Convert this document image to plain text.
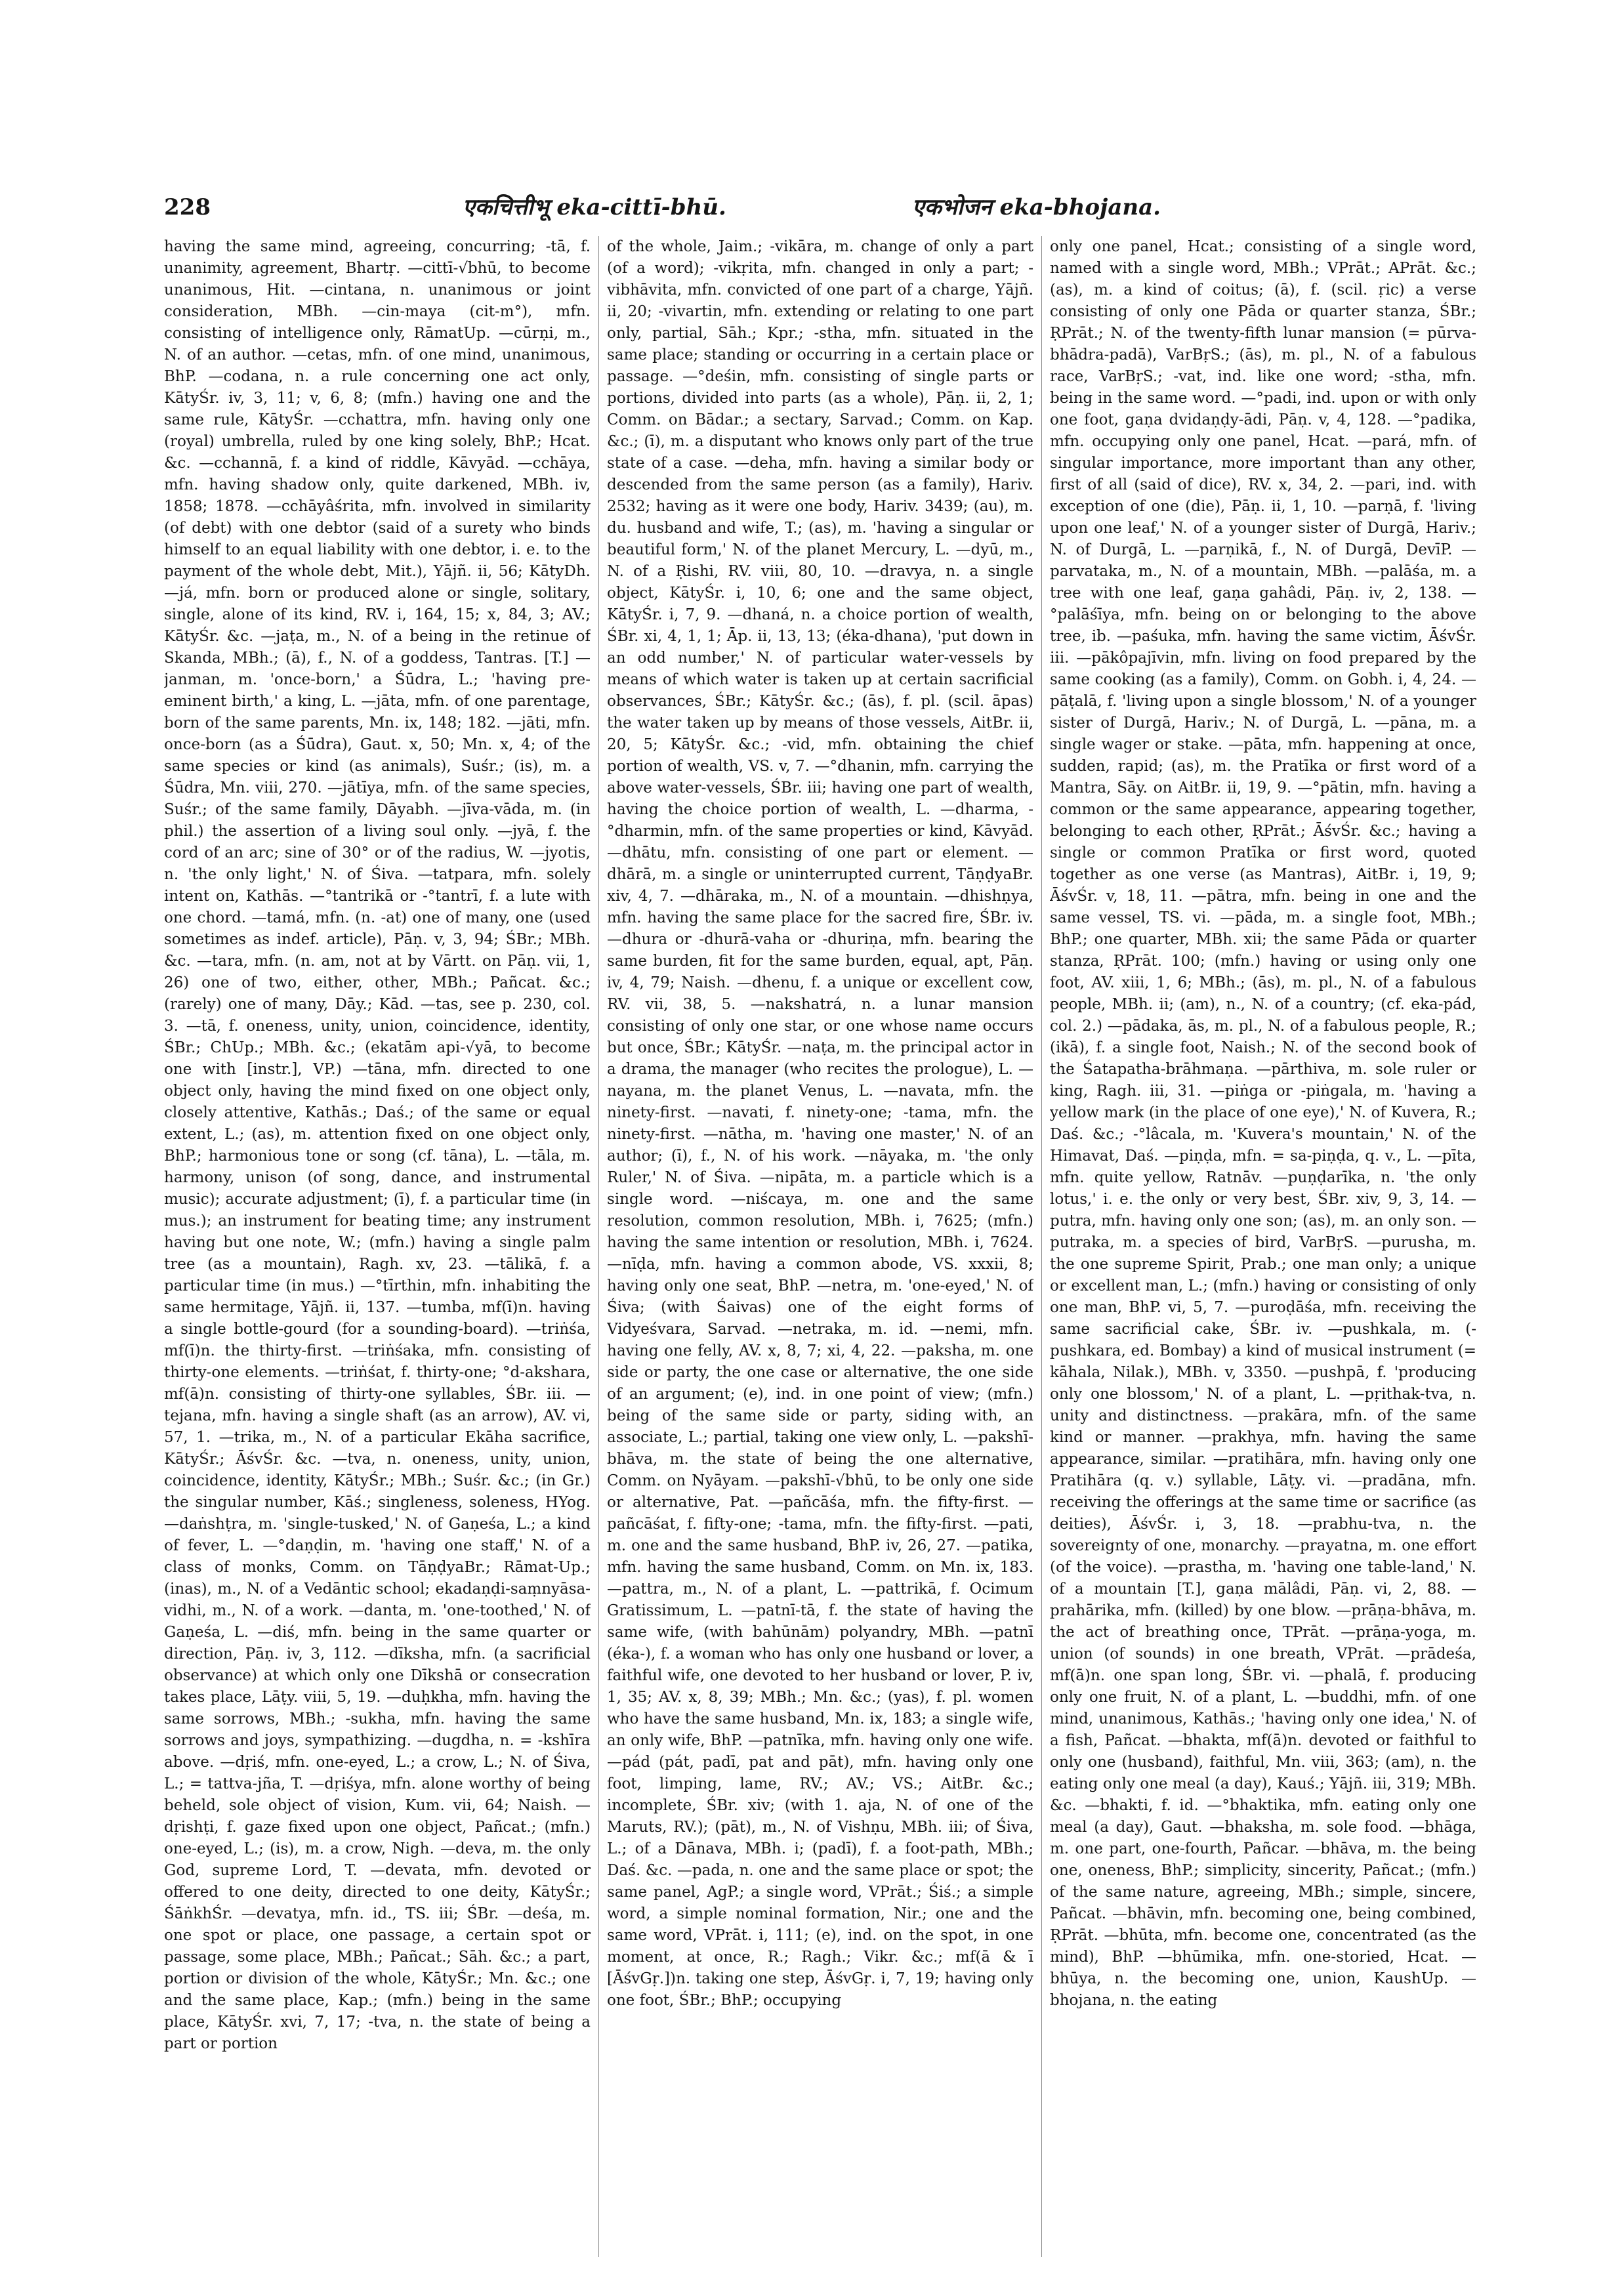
228	एकचित्तीभू eka-cittī-bhū.	एकभोजन eka-bhojana.

having the same mind, agreeing, concurring; -tā, f. unanimity, agreement, Bhartṛ. —cittī-√bhū, to become unanimous, Hit. —cintana, n. unanimous or joint consideration, MBh. —cin-maya (cit-m°), mfn. consisting of intelligence only, RāmatUp. —cūrṇi, m., N. of an author. —cetas, mfn. of one mind, unanimous, BhP. —codana, n. a rule concerning one act only, KātyŚr. iv, 3, 11; v, 6, 8; (mfn.) having one and the same rule, KātyŚr. —cchattra, mfn. having only one (royal) umbrella, ruled by one king solely, BhP.; Hcat. &c. —cchannā, f. a kind of riddle, Kāvyād. —cchāya, mfn. having shadow only, quite darkened, MBh. iv, 1858; 1878. —cchāyâśrita, mfn. involved in similarity (of debt) with one debtor (said of a surety who binds himself to an equal liability with one debtor, i. e. to the payment of the whole debt, Mit.), Yājñ. ii, 56; KātyDh. —já, mfn. born or produced alone or single, solitary, single, alone of its kind, RV. i, 164, 15; x, 84, 3; AV.; KātyŚr. &c. —jaṭa, m., N. of a being in the retinue of Skanda, MBh.; (ā), f., N. of a goddess, Tantras. [T.] —janman, m. 'once-born,' a Śūdra, L.; 'having pre-eminent birth,' a king, L. —jāta, mfn. of one parentage, born of the same parents, Mn. ix, 148; 182. —jāti, mfn. once-born (as a Śūdra), Gaut. x, 50; Mn. x, 4; of the same species or kind (as animals), Suśr.; (is), m. a Śūdra, Mn. viii, 270. —jātīya, mfn. of the same species, Suśr.; of the same family, Dāyabh. —jīva-vāda, m. (in phil.) the assertion of a living soul only. —jyā, f. the cord of an arc; sine of 30° or of the radius, W. —jyotis, n. 'the only light,' N. of Śiva. —tatpara, mfn. solely intent on, Kathās. —°tantrikā or -°tantrī, f. a lute with one chord. —tamá, mfn. (n. -at) one of many, one (used sometimes as indef. article), Pāṇ. v, 3, 94; ŚBr.; MBh. &c. —tara, mfn. (n. am, not at by Vārtt. on Pāṇ. vii, 1, 26) one of two, either, other, MBh.; Pañcat. &c.; (rarely) one of many, Dāy.; Kād. —tas, see p. 230, col. 3. —tā, f. oneness, unity, union, coincidence, identity, ŚBr.; ChUp.; MBh. &c.; (ekatām api-√yā, to become one with [instr.], VP.) —tāna, mfn. directed to one object only, having the mind fixed on one object only, closely attentive, Kathās.; Daś.; of the same or equal extent, L.; (as), m. attention fixed on one object only, BhP.; harmonious tone or song (cf. tāna), L. —tāla, m. harmony, unison (of song, dance, and instrumental music); accurate adjustment; (ī), f. a particular time (in mus.); an instrument for beating time; any instrument having but one note, W.; (mfn.) having a single palm tree (as a mountain), Ragh. xv, 23. —tālikā, f. a particular time (in mus.) —°tīrthin, mfn. inhabiting the same hermitage, Yājñ. ii, 137. —tumba, mf(ī)n. having a single bottle-gourd (for a sounding-board). —triṅśa, mf(ī)n. the thirty-first. —triṅśaka, mfn. consisting of thirty-one elements. —triṅśat, f. thirty-one; °d-akshara, mf(ā)n. consisting of thirty-one syllables, ŚBr. iii. —tejana, mfn. having a single shaft (as an arrow), AV. vi, 57, 1. —trika, m., N. of a particular Ekāha sacrifice, KātyŚr.; ĀśvŚr. &c. —tva, n. oneness, unity, union, coincidence, identity, KātyŚr.; MBh.; Suśr. &c.; (in Gr.) the singular number, Kāś.; singleness, soleness, HYog. —daṅshṭra, m. 'single-tusked,' N. of Gaṇeśa, L.; a kind of fever, L. —°daṇḍin, m. 'having one staff,' N. of a class of monks, Comm. on TāṇḍyaBr.; Rāmat-Up.; (inas), m., N. of a Vedāntic school; ekadaṇḍi-saṃnyāsa-vidhi, m., N. of a work. —danta, m. 'one-toothed,' N. of Gaṇeśa, L. —diś, mfn. being in the same quarter or direction, Pāṇ. iv, 3, 112. —dīksha, mfn. (a sacrificial observance) at which only one Dīkshā or consecration takes place, Lāṭy. viii, 5, 19. —duḥkha, mfn. having the same sorrows, MBh.; -sukha, mfn. having the same sorrows and joys, sympathizing. —dugdha, n. = -kshīra above. —dṛiś, mfn. one-eyed, L.; a crow, L.; N. of Śiva, L.; = tattva-jña, T. —dṛiśya, mfn. alone worthy of being beheld, sole object of vision, Kum. vii, 64; Naish. —dṛishṭi, f. gaze fixed upon one object, Pañcat.; (mfn.) one-eyed, L.; (is), m. a crow, Nigh. —deva, m. the only God, supreme Lord, T. —devata, mfn. devoted or offered to one deity, directed to one deity, KātyŚr.; ŚāṅkhŚr. —devatya, mfn. id., TS. iii; ŚBr. —deśa, m. one spot or place, one passage, a certain spot or passage, some place, MBh.; Pañcat.; Sāh. &c.; a part, portion or division of the whole, KātyŚr.; Mn. &c.; one and the same place, Kap.; (mfn.) being in the same place, KātyŚr. xvi, 7, 17; -tva, n. the state of being a part or portion

of the whole, Jaim.; -vikāra, m. change of only a part (of a word); -vikṛita, mfn. changed in only a part; -vibhāvita, mfn. convicted of one part of a charge, Yājñ. ii, 20; -vivartin, mfn. extending or relating to one part only, partial, Sāh.; Kpr.; -stha, mfn. situated in the same place; standing or occurring in a certain place or passage. —°deśin, mfn. consisting of single parts or portions, divided into parts (as a whole), Pāṇ. ii, 2, 1; Comm. on Bādar.; a sectary, Sarvad.; Comm. on Kap. &c.; (ī), m. a disputant who knows only part of the true state of a case. —deha, mfn. having a similar body or descended from the same person (as a family), Hariv. 2532; having as it were one body, Hariv. 3439; (au), m. du. husband and wife, T.; (as), m. 'having a singular or beautiful form,' N. of the planet Mercury, L. —dyū, m., N. of a Ṛishi, RV. viii, 80, 10. —dravya, n. a single object, KātyŚr. i, 10, 6; one and the same object, KātyŚr. i, 7, 9. —dhaná, n. a choice portion of wealth, ŚBr. xi, 4, 1, 1; Āp. ii, 13, 13; (éka-dhana), 'put down in an odd number,' N. of particular water-vessels by means of which water is taken up at certain sacrificial observances, ŚBr.; KātyŚr. &c.; (ās), f. pl. (scil. āpas) the water taken up by means of those vessels, AitBr. ii, 20, 5; KātyŚr. &c.; -vid, mfn. obtaining the chief portion of wealth, VS. v, 7. —°dhanin, mfn. carrying the above water-vessels, ŚBr. iii; having one part of wealth, having the choice portion of wealth, L. —dharma, -°dharmin, mfn. of the same properties or kind, Kāvyād. —dhātu, mfn. consisting of one part or element. —dhārā, m. a single or uninterrupted current, TāṇḍyaBr. xiv, 4, 7. —dhāraka, m., N. of a mountain. —dhishṇya, mfn. having the same place for the sacred fire, ŚBr. iv. —dhura or -dhurā-vaha or -dhuriṇa, mfn. bearing the same burden, fit for the same burden, equal, apt, Pāṇ. iv, 4, 79; Naish. —dhenu, f. a unique or excellent cow, RV. vii, 38, 5. —nakshatrá, n. a lunar mansion consisting of only one star, or one whose name occurs but once, ŚBr.; KātyŚr. —naṭa, m. the principal actor in a drama, the manager (who recites the prologue), L. —nayana, m. the planet Venus, L. —navata, mfn. the ninety-first. —navati, f. ninety-one; -tama, mfn. the ninety-first. —nātha, m. 'having one master,' N. of an author; (ī), f., N. of his work. —nāyaka, m. 'the only Ruler,' N. of Śiva. —nipāta, m. a particle which is a single word. —niścaya, m. one and the same resolution, common resolution, MBh. i, 7625; (mfn.) having the same intention or resolution, MBh. i, 7624. —nīḍa, mfn. having a common abode, VS. xxxii, 8; having only one seat, BhP. —netra, m. 'one-eyed,' N. of Śiva; (with Śaivas) one of the eight forms of Vidyeśvara, Sarvad. —netraka, m. id. —nemi, mfn. having one felly, AV. x, 8, 7; xi, 4, 22. —paksha, m. one side or party, the one case or alternative, the one side of an argument; (e), ind. in one point of view; (mfn.) being of the same side or party, siding with, an associate, L.; partial, taking one view only, L. —pakshī-bhāva, m. the state of being the one alternative, Comm. on Nyāyam. —pakshī-√bhū, to be only one side or alternative, Pat. —pañcāśa, mfn. the fifty-first. —pañcāśat, f. fifty-one; -tama, mfn. the fifty-first. —pati, m. one and the same husband, BhP. iv, 26, 27. —patika, mfn. having the same husband, Comm. on Mn. ix, 183. —pattra, m., N. of a plant, L. —pattrikā, f. Ocimum Gratissimum, L. —patnī-tā, f. the state of having the same wife, (with bahūnām) polyandry, MBh. —patnī (éka-), f. a woman who has only one husband or lover, a faithful wife, one devoted to her husband or lover, P. iv, 1, 35; AV. x, 8, 39; MBh.; Mn. &c.; (yas), f. pl. women who have the same husband, Mn. ix, 183; a single wife, an only wife, BhP. —patnīka, mfn. having only one wife. —pád (pát, padī, pat and pāt), mfn. having only one foot, limping, lame, RV.; AV.; VS.; AitBr. &c.; incomplete, ŚBr. xiv; (with 1. aja, N. of one of the Maruts, RV.); (pāt), m., N. of Vishṇu, MBh. iii; of Śiva, L.; of a Dānava, MBh. i; (padī), f. a foot-path, MBh.; Daś. &c. —pada, n. one and the same place or spot; the same panel, AgP.; a single word, VPrāt.; Śiś.; a simple word, a simple nominal formation, Nir.; one and the same word, VPrāt. i, 111; (e), ind. on the spot, in one moment, at once, R.; Ragh.; Vikr. &c.; mf(ā & ī [ĀśvGṛ.])n. taking one step, ĀśvGṛ. i, 7, 19; having only one foot, ŚBr.; BhP.; occupying

only one panel, Hcat.; consisting of a single word, named with a single word, MBh.; VPrāt.; APrāt. &c.; (as), m. a kind of coitus; (ā), f. (scil. ṛic) a verse consisting of only one Pāda or quarter stanza, ŚBr.; ṚPrāt.; N. of the twenty-fifth lunar mansion (= pūrva-bhādra-padā), VarBṛS.; (ās), m. pl., N. of a fabulous race, VarBṛS.; -vat, ind. like one word; -stha, mfn. being in the same word. —°padi, ind. upon or with only one foot, gaṇa dvidaṇḍy-ādi, Pāṇ. v, 4, 128. —°padika, mfn. occupying only one panel, Hcat. —pará, mfn. of singular importance, more important than any other, first of all (said of dice), RV. x, 34, 2. —pari, ind. with exception of one (die), Pāṇ. ii, 1, 10. —parṇā, f. 'living upon one leaf,' N. of a younger sister of Durgā, Hariv.; N. of Durgā, L. —parṇikā, f., N. of Durgā, DevīP. —parvataka, m., N. of a mountain, MBh. —palāśa, m. a tree with one leaf, gaṇa gahâdi, Pāṇ. iv, 2, 138. —°palāśīya, mfn. being on or belonging to the above tree, ib. —paśuka, mfn. having the same victim, ĀśvŚr. iii. —pākôpajīvin, mfn. living on food prepared by the same cooking (as a family), Comm. on Gobh. i, 4, 24. —pāṭalā, f. 'living upon a single blossom,' N. of a younger sister of Durgā, Hariv.; N. of Durgā, L. —pāna, m. a single wager or stake. —pāta, mfn. happening at once, sudden, rapid; (as), m. the Pratīka or first word of a Mantra, Sāy. on AitBr. ii, 19, 9. —°pātin, mfn. having a common or the same appearance, appearing together, belonging to each other, ṚPrāt.; ĀśvŚr. &c.; having a single or common Pratīka or first word, quoted together as one verse (as Mantras), AitBr. i, 19, 9; ĀśvŚr. v, 18, 11. —pātra, mfn. being in one and the same vessel, TS. vi. —pāda, m. a single foot, MBh.; BhP.; one quarter, MBh. xii; the same Pāda or quarter stanza, ṚPrāt. 100; (mfn.) having or using only one foot, AV. xiii, 1, 6; MBh.; (ās), m. pl., N. of a fabulous people, MBh. ii; (am), n., N. of a country; (cf. eka-pád, col. 2.) —pādaka, ās, m. pl., N. of a fabulous people, R.; (ikā), f. a single foot, Naish.; N. of the second book of the Śatapatha-brāhmaṇa. —pārthiva, m. sole ruler or king, Ragh. iii, 31. —piṅga or -piṅgala, m. 'having a yellow mark (in the place of one eye),' N. of Kuvera, R.; Daś. &c.; -°lâcala, m. 'Kuvera's mountain,' N. of the Himavat, Daś. —piṇḍa, mfn. = sa-piṇḍa, q. v., L. —pīta, mfn. quite yellow, Ratnāv. —puṇḍarīka, n. 'the only lotus,' i. e. the only or very best, ŚBr. xiv, 9, 3, 14. —putra, mfn. having only one son; (as), m. an only son. —putraka, m. a species of bird, VarBṛS. —purusha, m. the one supreme Spirit, Prab.; one man only; a unique or excellent man, L.; (mfn.) having or consisting of only one man, BhP. vi, 5, 7. —puroḍāśa, mfn. receiving the same sacrificial cake, ŚBr. iv. —pushkala, m. (-pushkara, ed. Bombay) a kind of musical instrument (= kāhala, Nilak.), MBh. v, 3350. —pushpā, f. 'producing only one blossom,' N. of a plant, L. —pṛithak-tva, n. unity and distinctness. —prakāra, mfn. of the same kind or manner. —prakhya, mfn. having the same appearance, similar. —pratihāra, mfn. having only one Pratihāra (q. v.) syllable, Lāṭy. vi. —pradāna, mfn. receiving the offerings at the same time or sacrifice (as deities), ĀśvŚr. i, 3, 18. —prabhu-tva, n. the sovereignty of one, monarchy. —prayatna, m. one effort (of the voice). —prastha, m. 'having one table-land,' N. of a mountain [T.], gaṇa mālâdi, Pāṇ. vi, 2, 88. —prahārika, mfn. (killed) by one blow. —prāṇa-bhāva, m. the act of breathing once, TPrāt. —prāṇa-yoga, m. union (of sounds) in one breath, VPrāt. —prādeśa, mf(ā)n. one span long, ŚBr. vi. —phalā, f. producing only one fruit, N. of a plant, L. —buddhi, mfn. of one mind, unanimous, Kathās.; 'having only one idea,' N. of a fish, Pañcat. —bhakta, mf(ā)n. devoted or faithful to only one (husband), faithful, Mn. viii, 363; (am), n. the eating only one meal (a day), Kauś.; Yājñ. iii, 319; MBh. &c. —bhakti, f. id. —°bhaktika, mfn. eating only one meal (a day), Gaut. —bhaksha, m. sole food. —bhāga, m. one part, one-fourth, Pañcar. —bhāva, m. the being one, oneness, BhP.; simplicity, sincerity, Pañcat.; (mfn.) of the same nature, agreeing, MBh.; simple, sincere, Pañcat. —bhāvin, mfn. becoming one, being combined, ṚPrāt. —bhūta, mfn. become one, concentrated (as the mind), BhP. —bhūmika, mfn. one-storied, Hcat. —bhūya, n. the becoming one, union, KaushUp. —bhojana, n. the eating
